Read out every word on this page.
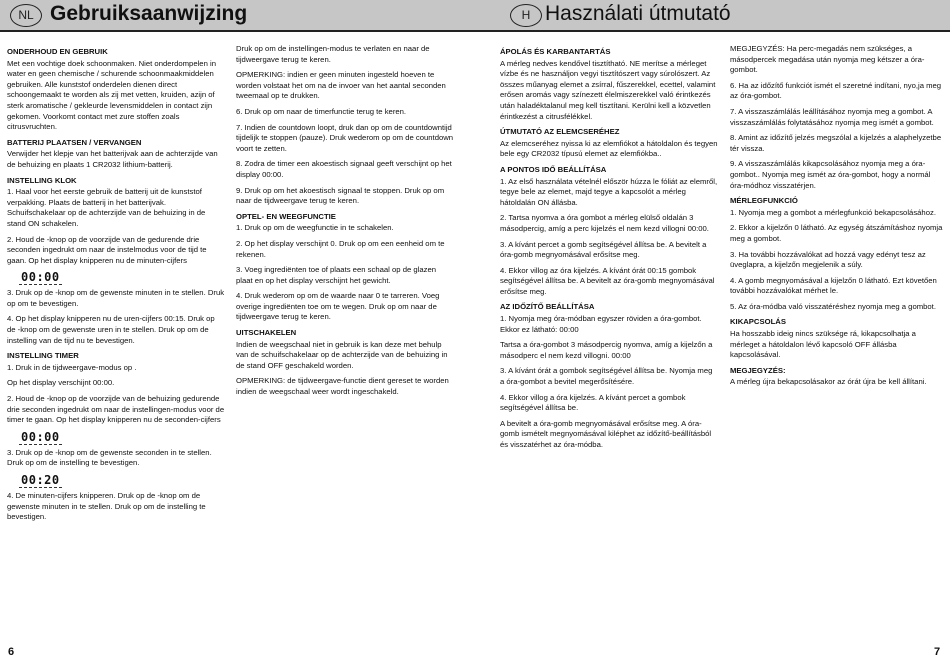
NL Gebruiksaanwijzing	H Használati útmutató

ONDERHOUD EN GEBRUIK

Met een vochtige doek schoonmaken. Niet onderdompelen in water en geen chemische / schurende schoonmaakmiddelen gebruiken. Alle kunststof onderdelen dienen direct schoongemaakt te worden als zij met vetten, kruiden, azijn of sterk aromatische / gekleurde levensmiddelen in contact zijn gekomen. Voorkomt contact met zure stoffen zoals citrusvruchten.

BATTERIJ PLAATSEN / VERVANGEN

Verwijder het klepje van het batterijvak aan de achterzijde van de behuizing en plaats 1 CR2032 lithium-batterij.

INSTELLING KLOK

1. Haal voor het eerste gebruik de batterij uit de kunststof verpakking. Plaats de batterij in het batterijvak. Schuifschakelaar op de achterzijde van de behuizing in de stand ON schakelen.

2. Houd de -knop op de voorzijde van de gedurende drie seconden ingedrukt om naar de instelmodus voor de tijd te gaan. Op het display knipperen nu de minuten-cijfers

00:00

3. Druk op de -knop om de gewenste minuten in te stellen. Druk op om te bevestigen.

4. Op het display knipperen nu de uren-cijfers 00:15. Druk op de -knop om de gewenste uren in te stellen. Druk op om de instelling van de tijd nu te bevestigen.

INSTELLING TIMER

1. Druk in de tijdweergave-modus op .

Op het display verschijnt 00:00.

2. Houd de -knop op de voorzijde van de behuizing gedurende drie seconden ingedrukt om naar de instellingen-modus voor de timer te gaan. Op het display knipperen nu de seconden-cijfers

00:00

3. Druk op de -knop om de gewenste seconden in te stellen. Druk op om de instelling te bevestigen.

00:20

4. De minuten-cijfers knipperen. Druk op de -knop om de gewenste minuten in te stellen. Druk op om de instelling te bevestigen.

Druk op om de instellingen-modus te verlaten en naar de tijdweergave terug te keren.

OPMERKING: indien er geen minuten ingesteld hoeven te worden volstaat het om na de invoer van het aantal seconden tweemaal op te drukken.

6. Druk op om naar de timerfunctie terug te keren.

7. Indien de countdown loopt, druk dan op om de countdowntijd tijdelijk te stoppen (pauze). Druk wederom op om de countdown voort te zetten.

8. Zodra de timer een akoestisch signaal geeft verschijnt op het display 00:00.

9. Druk op om het akoestisch signaal te stoppen. Druk op om naar de tijdweergave terug te keren.

OPTEL- EN WEEGFUNCTIE

1. Druk op om de weegfunctie in te schakelen.

2. Op het display verschijnt 0. Druk op om een eenheid om te rekenen.

3. Voeg ingrediënten toe of plaats een schaal op de glazen plaat en op het display verschijnt het gewicht.

4. Druk wederom op om de waarde naar 0 te tarreren. Voeg overige ingrediënten toe om te wegen. Druk op om naar de tijdweergave terug te keren.

UITSCHAKELEN

Indien de weegschaal niet in gebruik is kan deze met behulp van de schuifschakelaar op de achterzijde van de behuizing in de stand OFF geschakeld worden.

OPMERKING: de tijdweergave-functie dient gereset te worden indien de weegschaal weer wordt ingeschakeld.

ÁPOLÁS ÉS KARBANTARTÁS

A mérleg nedves kendővel tisztítható. NE merítse a mérleget vízbe és ne használjon vegyi tisztítószert vagy súrolószert. Az összes műanyag elemet a zsírral, fűszerekkel, ecettel, valamint erősen aromás vagy színezett élelmiszerekkel való érintkezés után haladéktalanul meg kell tisztítani. Kerülni kell a közvetlen érintkezést a citrusfélékkel.

ÚTMUTATÓ AZ ELEMCSERÉHEZ

Az elemcseréhez nyissa ki az elemfiókot a hátoldalon és tegyen bele egy CR2032 típusú elemet az elemfiókba..

A PONTOS IDŐ BEÁLLÍTÁSA

1. Az első használata vételnél először húzza le fóliát az elemről, tegye bele az elemet, majd tegye a kapcsolót a mérleg hátoldalán ON állásba.

2. Tartsa nyomva a óra gombot a mérleg elülső oldalán 3 másodpercig, amíg a perc kijelzés el nem kezd villogni 00:00.

3. A kívánt percet a gomb segítségével állítsa be. A bevitelt a óra-gomb megnyomásával erősítse meg.

4. Ekkor villog az óra kijelzés. A kívánt órát 00:15 gombok segítségével állítsa be. A bevitelt az óra-gomb megnyomásával erősítse meg.

AZ IDŐZÍTŐ BEÁLLÍTÁSA

1. Nyomja meg óra-módban egyszer röviden a óra-gombot. Ekkor ez látható: 00:00

Tartsa a óra-gombot 3 másodpercig nyomva, amíg a kijelzőn a másodperc el nem kezd villogni. 00:00

3. A kívánt órát a gombok segítségével állítsa be. Nyomja meg a óra-gombot a bevitel megerősítésére.

4. Ekkor villog a óra kijelzés. A kívánt percet a gombok segítségével állítsa be.

A bevitelt a óra-gomb megnyomásával erősítse meg. A óra-gomb ismételt megnyomásával kiléphet az időzítő-beállításból és visszatérhet az óra-módba.

MEGJEGYZÉS: Ha perc-megadás nem szükséges, a másodpercek megadása után nyomja meg kétszer a óra-gombot.

6. Ha az időzítő funkciót ismét el szeretné indítani, nyo,ja meg az óra-gombot.

7. A visszaszámlálás leállításához nyomja meg a gombot. A visszaszámlálás folytatásához nyomja meg ismét a gombot.

8. Amint az időzítő jelzés megszólal a kijelzés a alaphelyzetbe tér vissza.

9. A visszaszámlálás kikapcsolásához nyomja meg a óra-gombot.. Nyomja meg ismét az óra-gombot, hogy a normál óra-módhoz visszatérjen.

MÉRLEGFUNKCIÓ

1. Nyomja meg a gombot a mérlegfunkció bekapcsolásához.

2. Ekkor a kijelzőn 0 látható. Az egység átszámításhoz nyomja meg a gombot.

3. Ha további hozzávalókat ad hozzá vagy edényt tesz az üveglapra, a kijelzőn megjelenik a súly.

4. A gomb megnyomásával a kijelzőn 0 látható. Ezt követően további hozzávalókat mérhet le.

5. Az óra-módba való visszatéréshez nyomja meg a gombot.

KIKAPCSOLÁS

Ha hosszabb ideig nincs szüksége rá, kikapcsolhatja a mérleget a hátoldalon lévő kapcsoló OFF állásba kapcsolásával.

MEGJEGYZÉS:

A mérleg újra bekapcsolásakor az órát újra be kell állítani.

6	7
